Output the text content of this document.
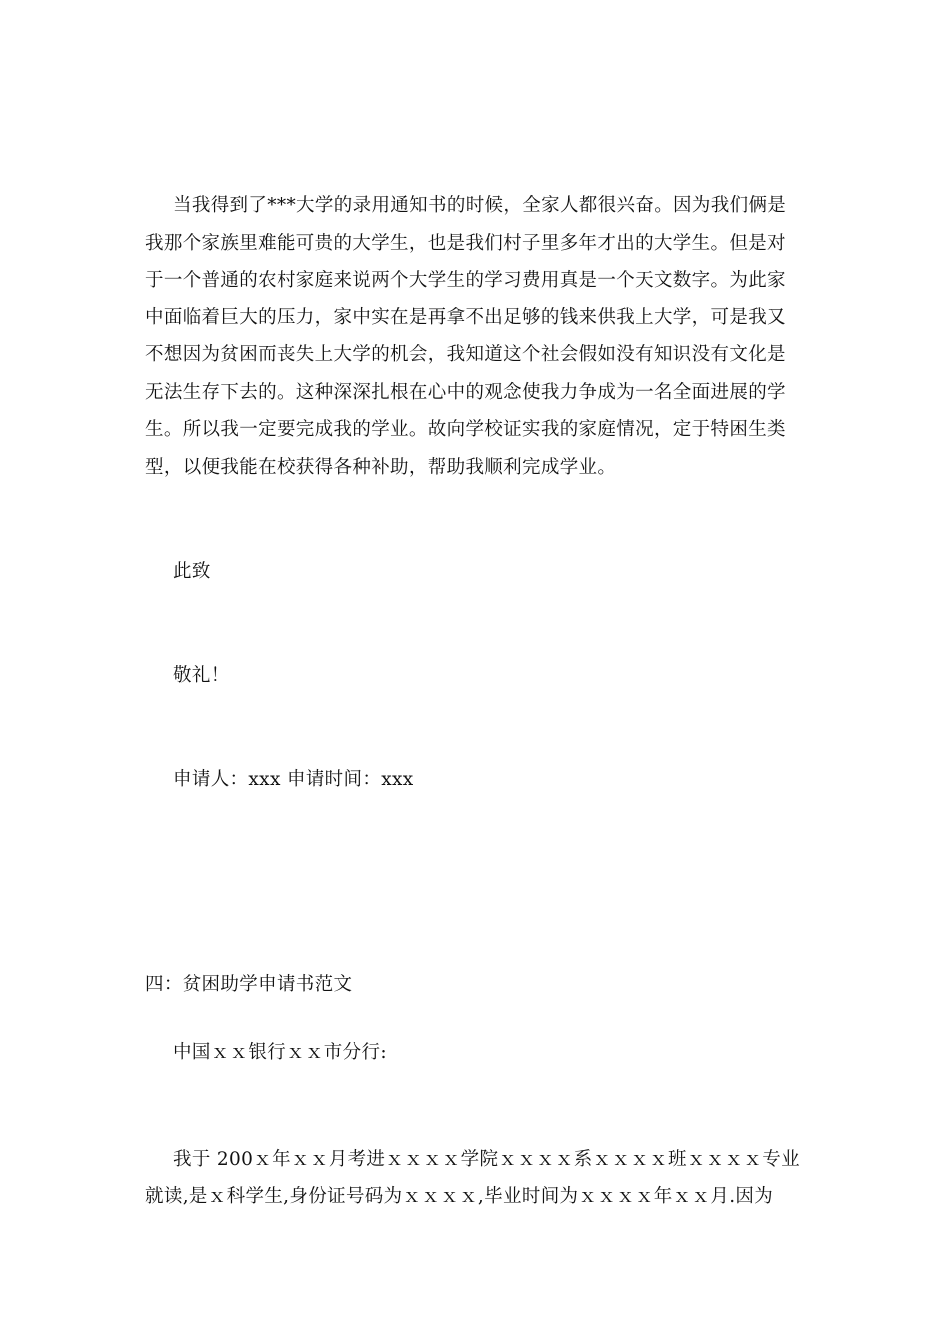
当我得到了***大学的录用通知书的时候，全家人都很兴奋。因为我们俩是
我那个家族里难能可贵的大学生，也是我们村子里多年才出的大学生。但是对
于一个普通的农村家庭来说两个大学生的学习费用真是一个天文数字。为此家
中面临着巨大的压力，家中实在是再拿不出足够的钱来供我上大学，可是我又
不想因为贫困而丧失上大学的机会，我知道这个社会假如没有知识没有文化是
无法生存下去的。这种深深扎根在心中的观念使我力争成为一名全面进展的学
生。所以我一定要完成我的学业。故向学校证实我的家庭情况，定于特困生类
型，以便我能在校获得各种补助，帮助我顺利完成学业。
此致
敬礼！
申请人：xxx 申请时间：xxx
四：贫困助学申请书范文
中国ｘｘ银行ｘｘ市分行:
我于 200ｘ年ｘｘ月考进ｘｘｘｘ学院ｘｘｘｘ系ｘｘｘｘ班ｘｘｘｘ专业
就读,是ｘ科学生,身份证号码为ｘｘｘｘ,毕业时间为ｘｘｘｘ年ｘｘ月.因为
